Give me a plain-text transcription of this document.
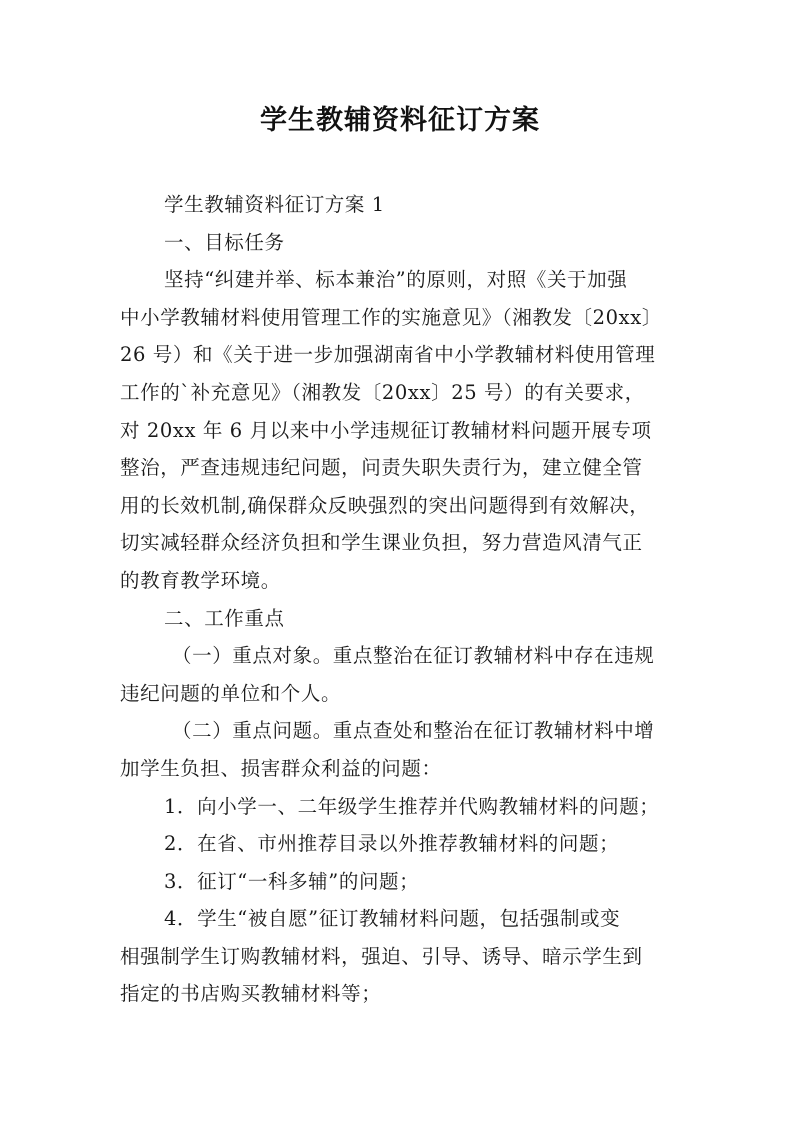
学生教辅资料征订方案
学生教辅资料征订方案 1
一、目标任务
坚持“纠建并举、标本兼治”的原则，对照《关于加强
中小学教辅材料使用管理工作的实施意见》（湘教发〔20xx〕
26 号）和《关于进一步加强湖南省中小学教辅材料使用管理
工作的`补充意见》（湘教发〔20xx〕25 号）的有关要求，
对 20xx 年 6 月以来中小学违规征订教辅材料问题开展专项
整治，严查违规违纪问题，问责失职失责行为，建立健全管
用的长效机制,确保群众反映强烈的突出问题得到有效解决，
切实减轻群众经济负担和学生课业负担，努力营造风清气正
的教育教学环境。
二、工作重点
（一）重点对象。重点整治在征订教辅材料中存在违规
违纪问题的单位和个人。
（二）重点问题。重点查处和整治在征订教辅材料中增
加学生负担、损害群众利益的问题：
1．向小学一、二年级学生推荐并代购教辅材料的问题；
2．在省、市州推荐目录以外推荐教辅材料的问题；
3．征订“一科多辅”的问题；
4．学生“被自愿”征订教辅材料问题，包括强制或变
相强制学生订购教辅材料，强迫、引导、诱导、暗示学生到
指定的书店购买教辅材料等；
